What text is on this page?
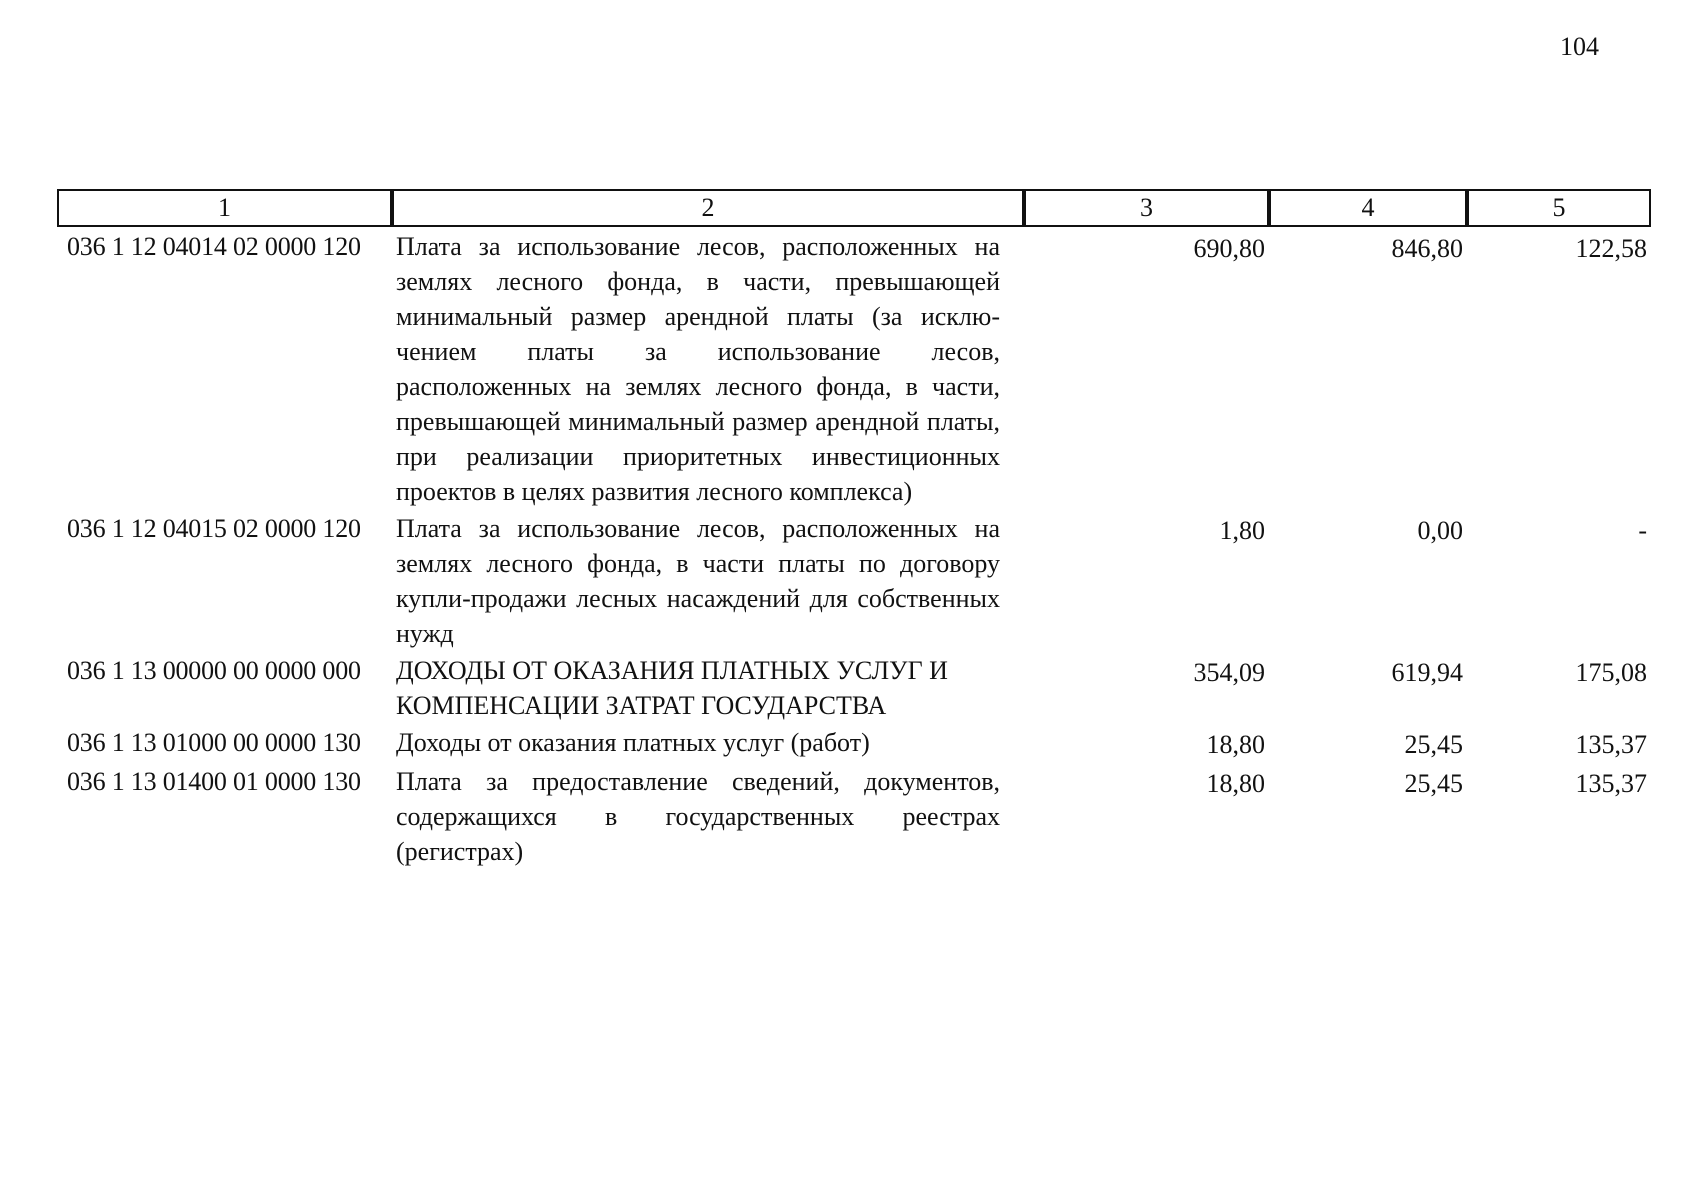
104
1	2	3	4	5
036 1 12 04014 02 0000 120	Плата за использование лесов, расположенных на землях лесного фонда, в части, превышающей минимальный размер арендной платы (за исклю-чением платы за использование лесов, расположенных на землях лесного фонда, в части, превышающей минимальный размер арендной платы, при реализации приоритетных инвестиционных проектов в целях развития лесного комплекса)	690,80	846,80	122,58
036 1 12 04015 02 0000 120	Плата за использование лесов, расположенных на землях лесного фонда, в части платы по договору купли-продажи лесных насаждений для собственных нужд	1,80	0,00	-
036 1 13 00000 00 0000 000	ДОХОДЫ ОТ ОКАЗАНИЯ ПЛАТНЫХ УСЛУГ И КОМПЕНСАЦИИ ЗАТРАТ ГОСУДАРСТВА	354,09	619,94	175,08
036 1 13 01000 00 0000 130	Доходы от оказания платных услуг (работ)	18,80	25,45	135,37
036 1 13 01400 01 0000 130	Плата за предоставление сведений, документов, содержащихся в государственных реестрах (регистрах)	18,80	25,45	135,37
